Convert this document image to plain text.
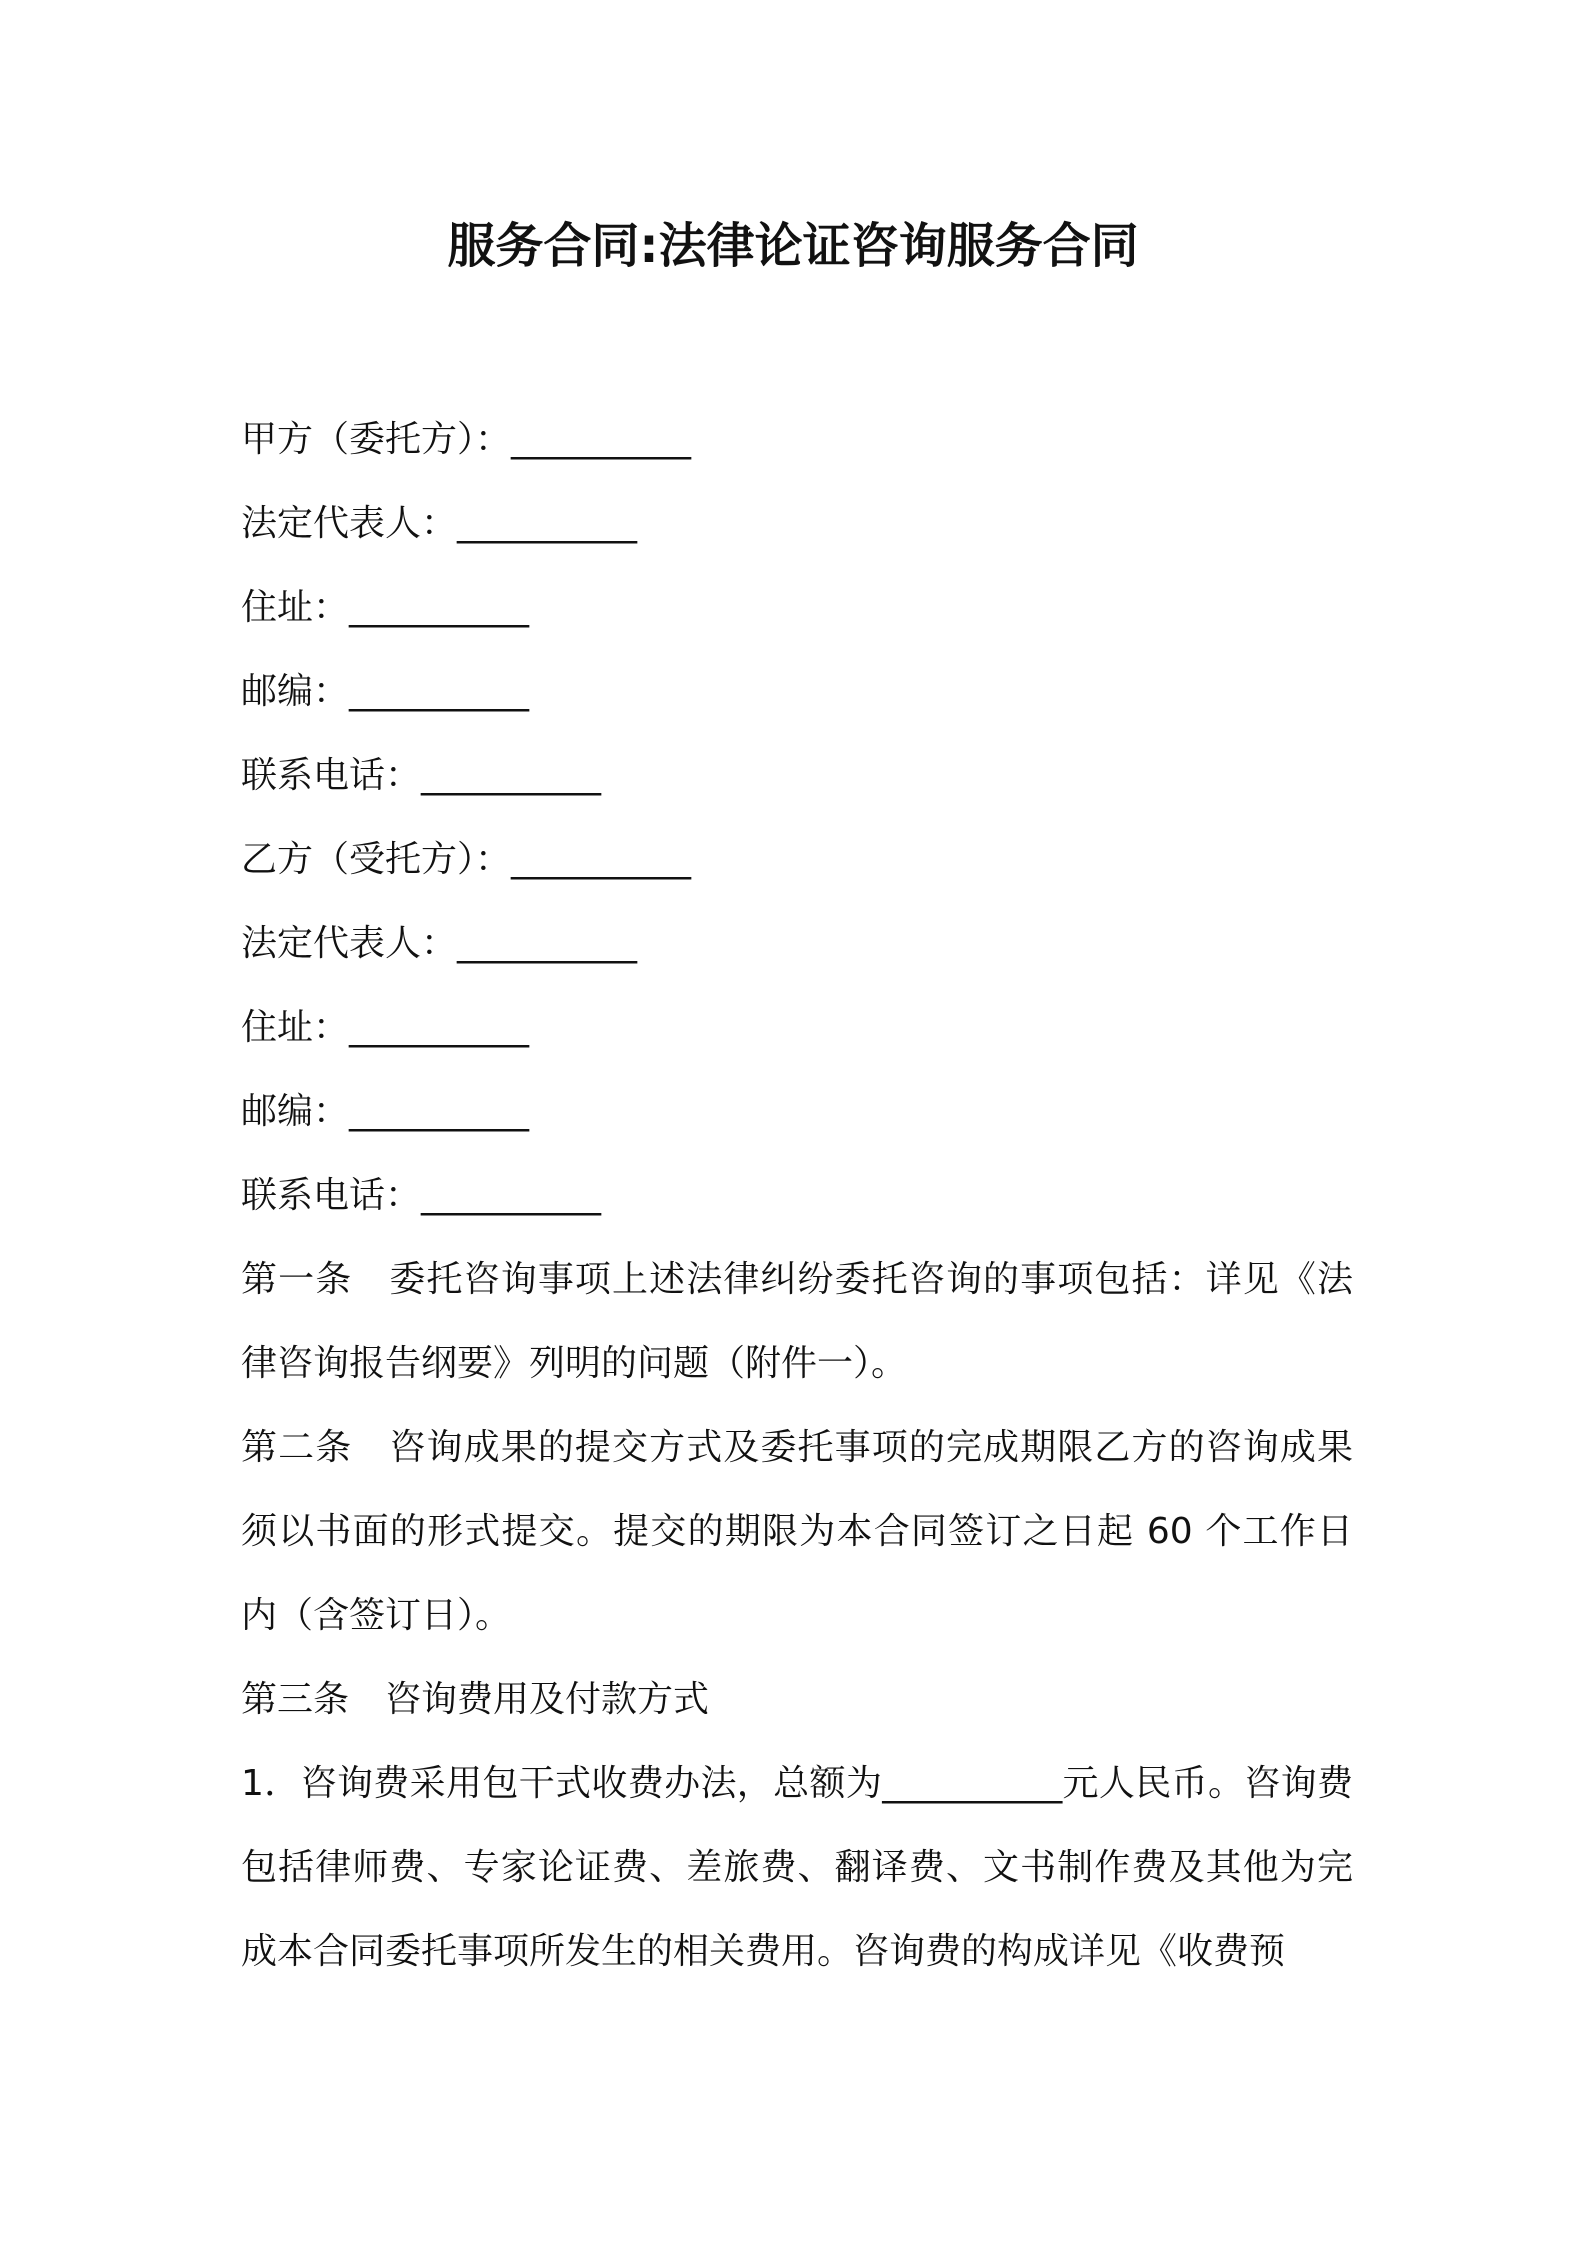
服务合同:法律论证咨询服务合同
甲方（委托方）：__________
法定代表人：__________
住址：__________
邮编：__________
联系电话：__________
乙方（受托方）：__________
法定代表人：__________
住址：__________
邮编：__________
联系电话：__________
第一条　委托咨询事项上述法律纠纷委托咨询的事项包括：详见《法律咨询报告纲要》列明的问题（附件一）。
第二条　咨询成果的提交方式及委托事项的完成期限乙方的咨询成果须以书面的形式提交。提交的期限为本合同签订之日起 60 个工作日内（含签订日）。
第三条　咨询费用及付款方式
1．咨询费采用包干式收费办法，总额为__________元人民币。咨询费包括律师费、专家论证费、差旅费、翻译费、文书制作费及其他为完成本合同委托事项所发生的相关费用。咨询费的构成详见《收费预
